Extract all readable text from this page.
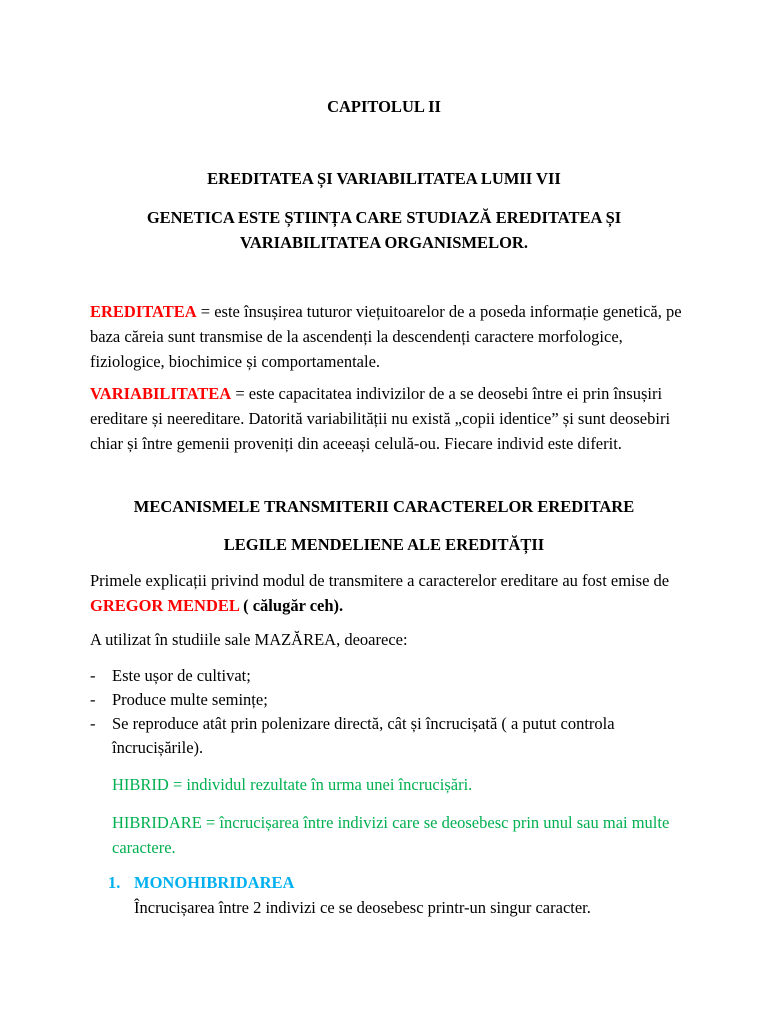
CAPITOLUL II
EREDITATEA ȘI VARIABILITATEA LUMII VII
GENETICA ESTE ȘTIINȚA CARE STUDIAZĂ EREDITATEA ȘI
VARIABILITATEA ORGANISMELOR.
EREDITATEA = este însușirea tuturor viețuitoarelor de a poseda informație genetică, pe baza căreia sunt transmise de la ascendenți la descendenți caractere morfologice, fiziologice, biochimice și comportamentale.
VARIABILITATEA = este capacitatea indivizilor de a se deosebi între ei prin însușiri ereditare și neereditare. Datorită variabilității nu există „copii identice” și sunt deosebiri chiar și între gemenii proveniți din aceeași celulă-ou. Fiecare individ este diferit.
MECANISMELE TRANSMITERII CARACTERELOR EREDITARE
LEGILE MENDELIENE ALE EREDITĂȚII
Primele explicații privind modul de transmitere a caracterelor ereditare au fost emise de GREGOR MENDEL ( călugăr ceh).
A utilizat în studiile sale MAZĂREA, deoarece:
- Este ușor de cultivat;
- Produce multe semințe;
- Se reproduce atât prin polenizare directă, cât și încrucișată ( a putut controla încrucișările).
HIBRID = individul rezultate în urma unei încrucișări.
HIBRIDARE = încrucișarea între indivizi care se deosebesc prin unul sau mai multe caractere.
1. MONOHIBRIDAREA
Încrucișarea între 2 indivizi ce se deosebesc printr-un singur caracter.
